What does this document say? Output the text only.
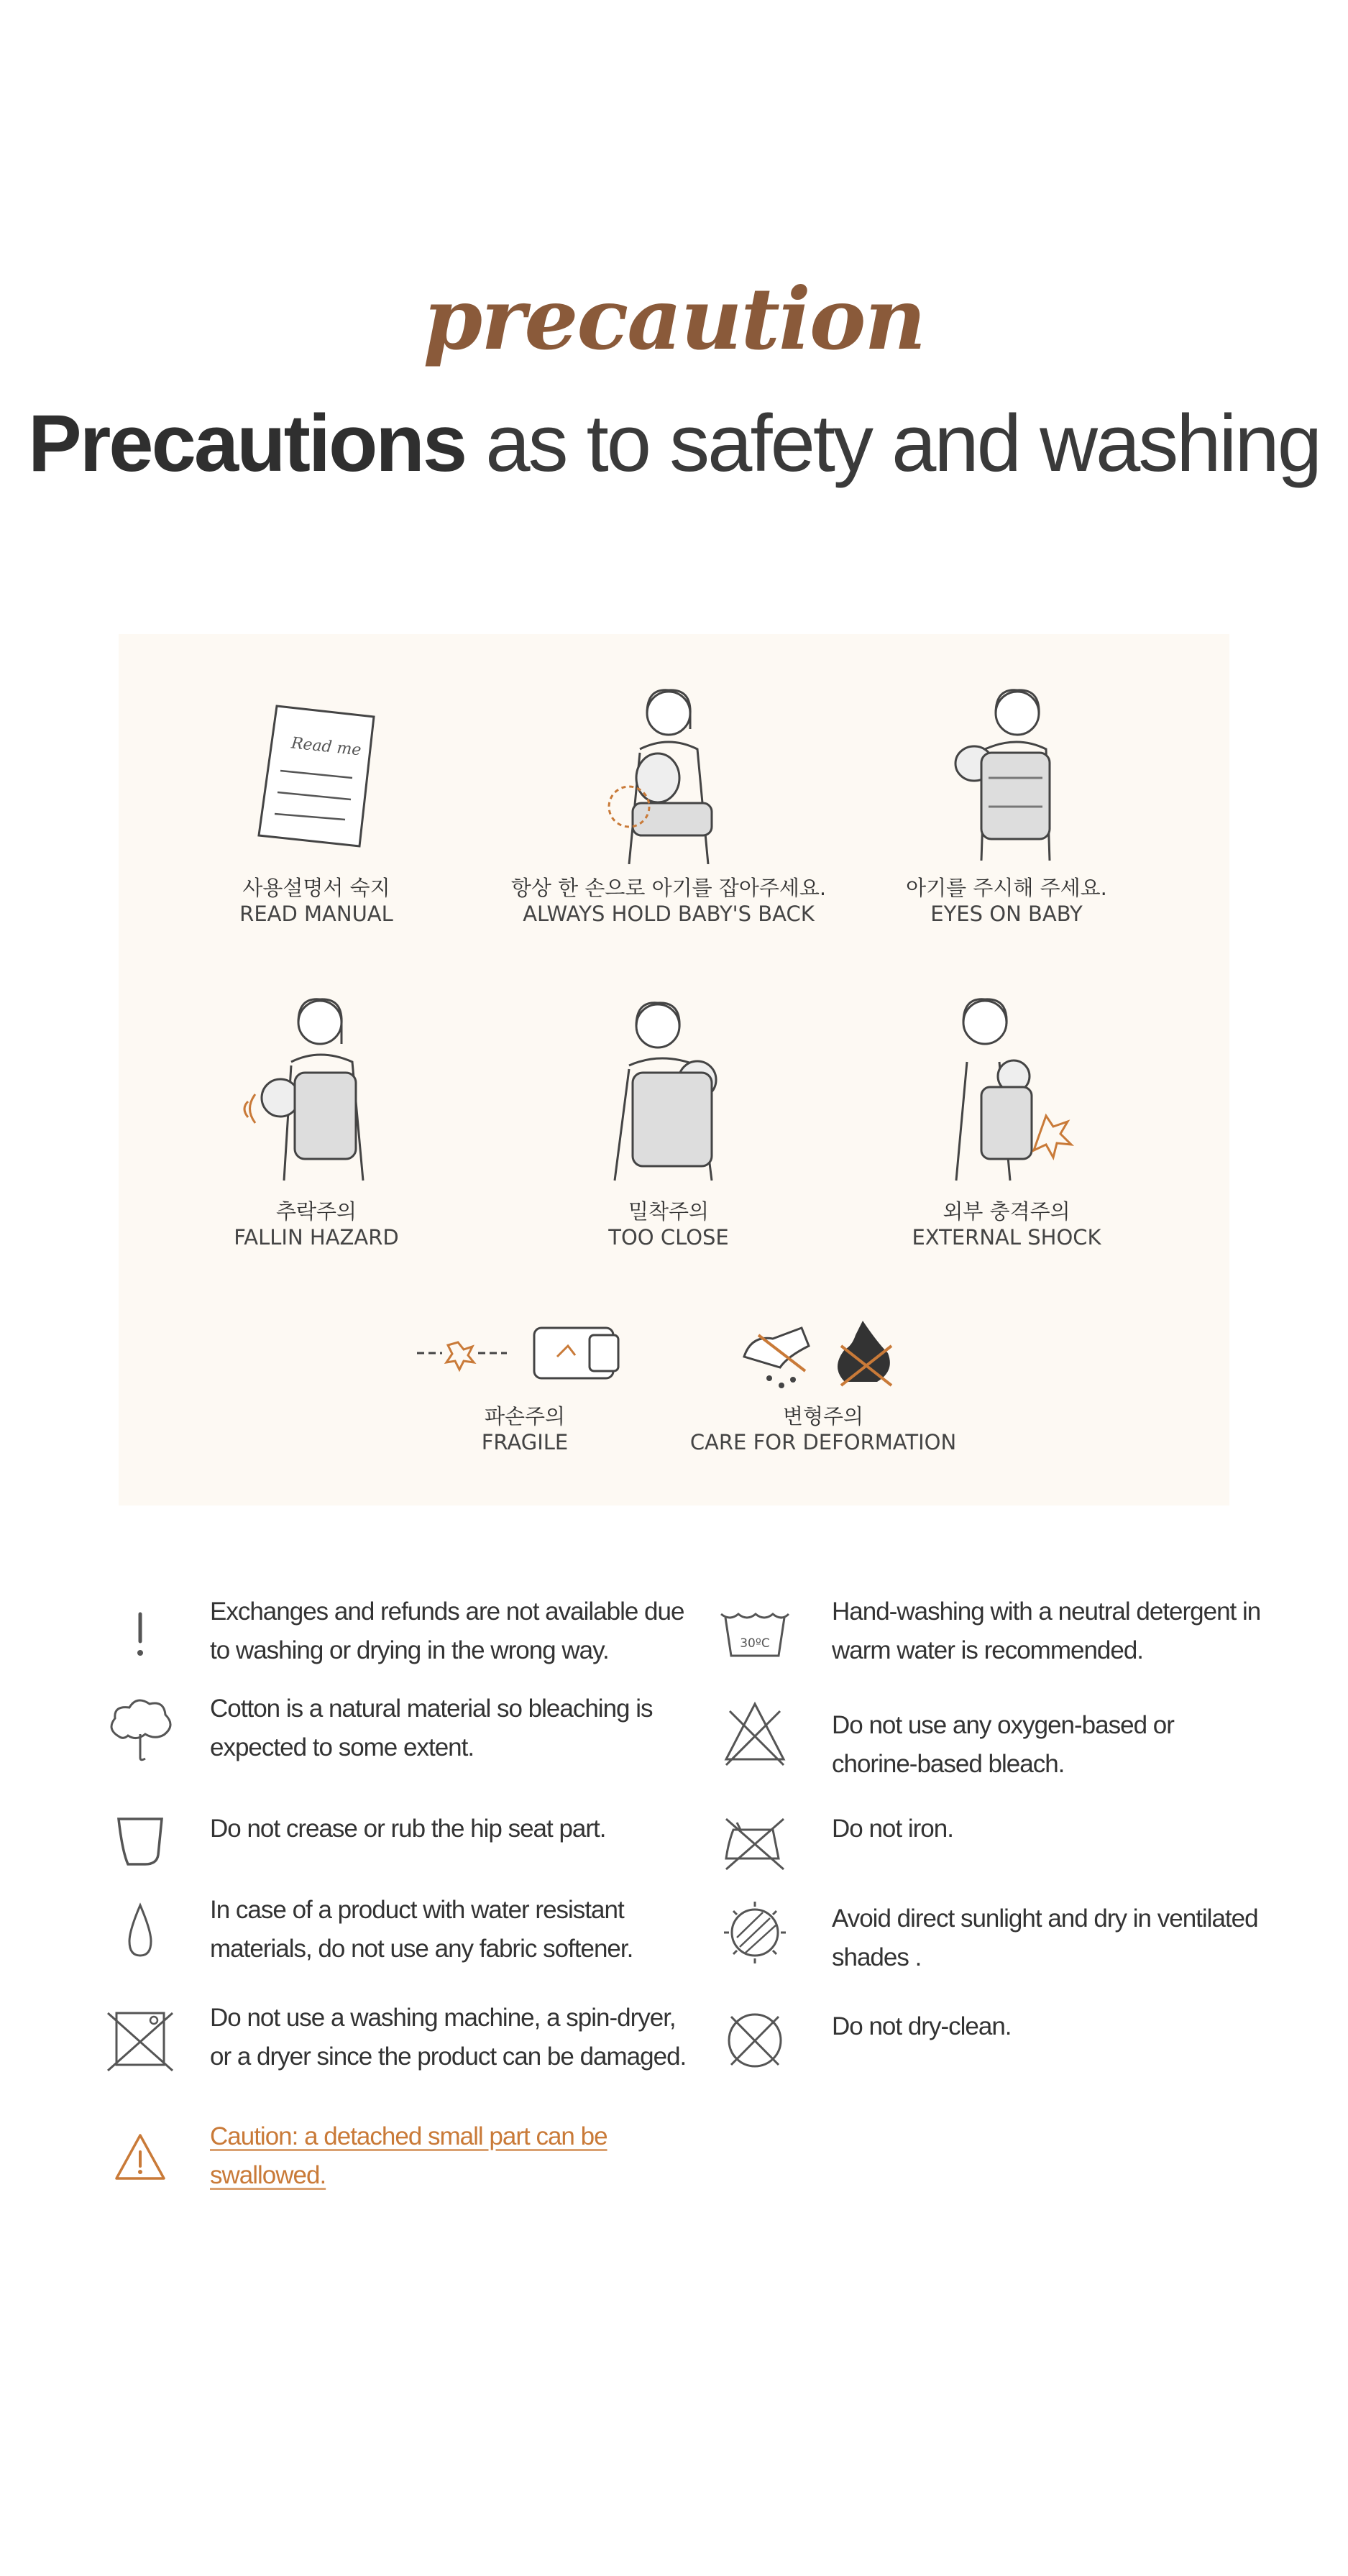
precaution
Precautions as to safety and washing
Read me
사용설명서 숙지
READ MANUAL
항상 한 손으로 아기를 잡아주세요.
ALWAYS HOLD BABY'S BACK
아기를 주시해 주세요.
EYES ON BABY
추락주의
FALLIN HAZARD
밀착주의
TOO CLOSE
외부 충격주의
EXTERNAL SHOCK
파손주의
FRAGILE
변형주의
CARE FOR DEFORMATION
Exchanges and refunds are not available due
to washing or drying in the wrong way.
Cotton is a natural material so bleaching is
expected to some extent.
Do not crease or rub the hip seat part.
In case of a product with water resistant
materials, do not use any fabric softener.
Do not use a washing machine, a spin-dryer,
or a dryer since the product can be damaged.
Caution: a detached small part can be
swallowed.
30ºC
Hand-washing with a neutral detergent in
warm water is recommended.
Do not use any oxygen-based or
chorine-based bleach.
Do not iron.
Avoid direct sunlight and dry in ventilated
shades .
Do not dry-clean.
